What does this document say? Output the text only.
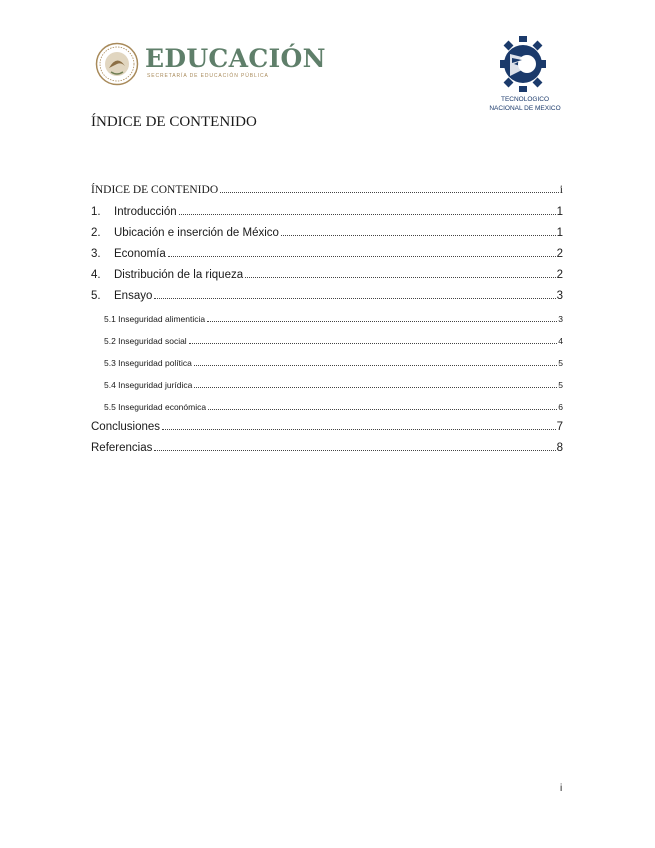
EDUCACIÓN
SECRETARÍA DE EDUCACIÓN PÚBLICA
TECNOLOGICO
NACIONAL DE MEXICO
ÍNDICE DE CONTENIDO
ÍNDICE DE CONTENIDO	i
1.	Introducción	1
2.	Ubicación e inserción de México	1
3.	Economía	2
4.	Distribución de la riqueza	2
5.	Ensayo	3
5.1 Inseguridad alimenticia	3
5.2 Inseguridad social	4
5.3 Inseguridad política	5
5.4 Inseguridad jurídica	5
5.5 Inseguridad económica	6
Conclusiones	7
Referencias	8
i
